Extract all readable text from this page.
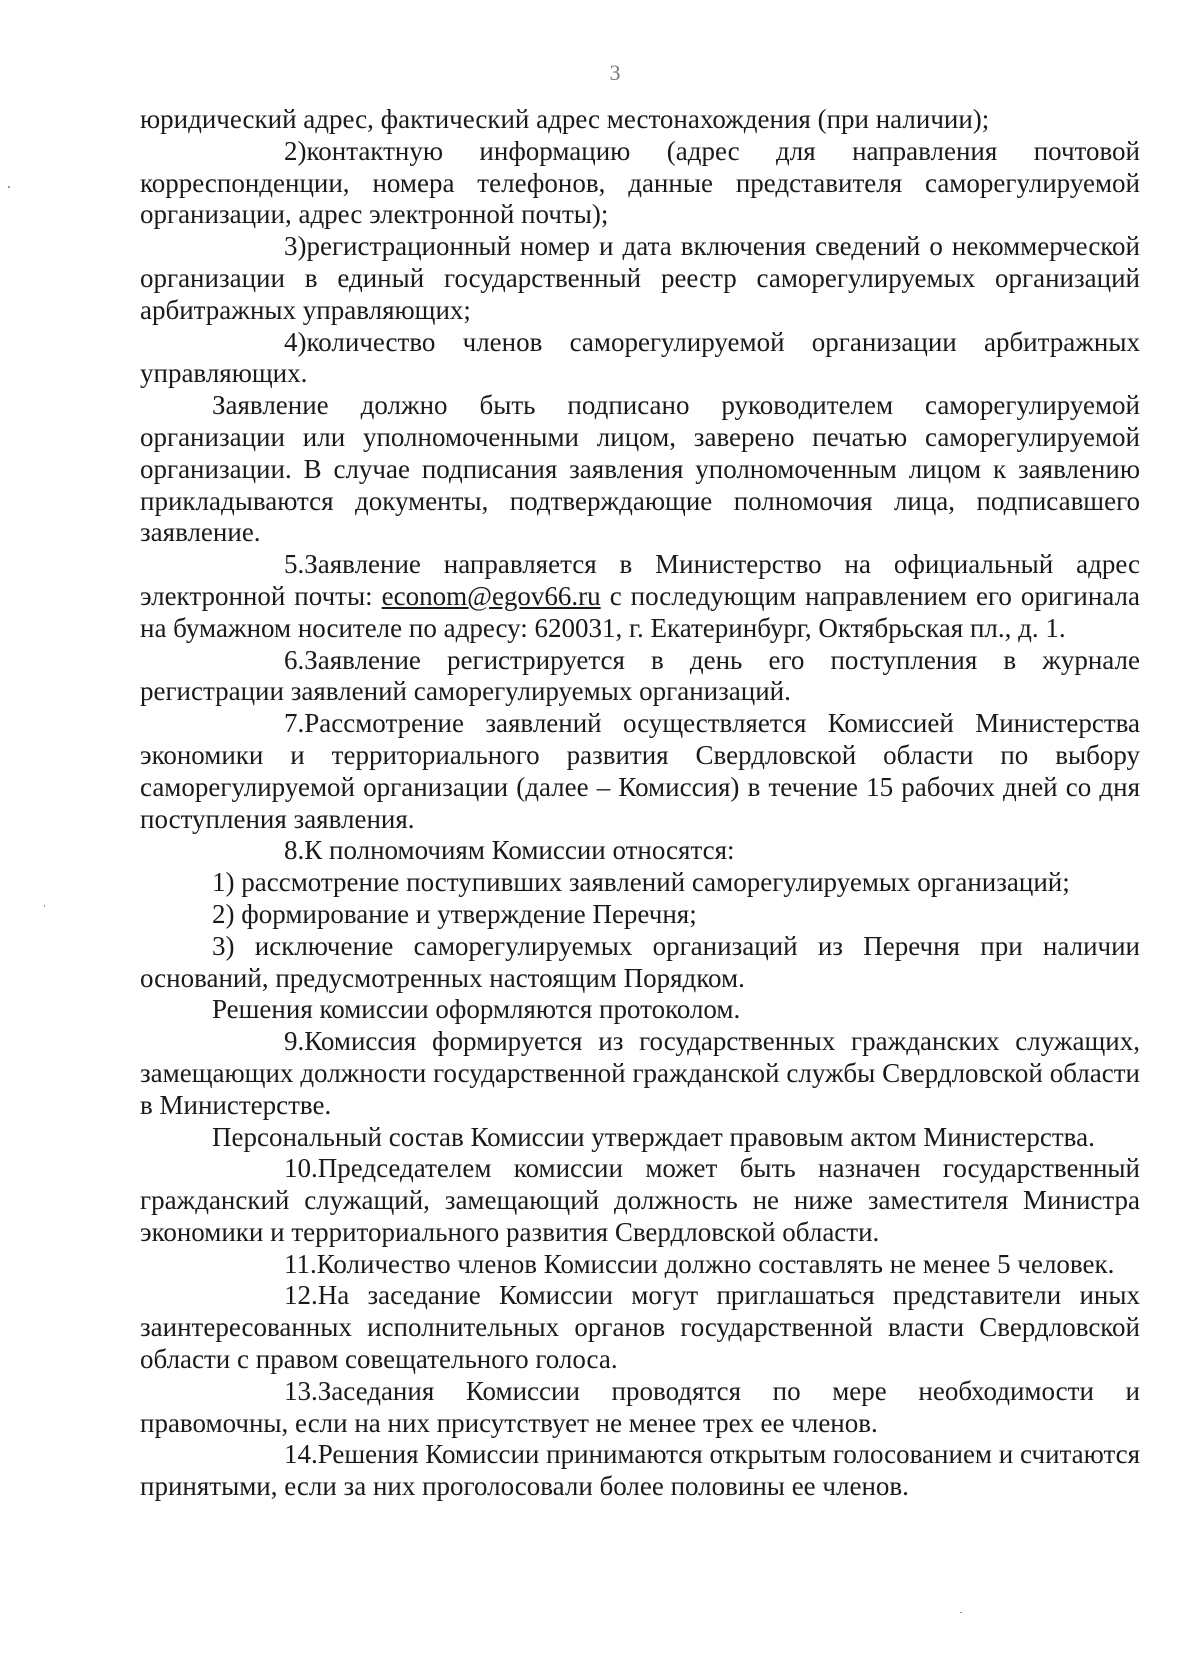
3

юридический адрес, фактический адрес местонахождения (при наличии);

2)контактную информацию (адрес для направления почтовой корреспонденции, номера телефонов, данные представителя саморегулируемой организации, адрес электронной почты);

3)регистрационный номер и дата включения сведений о некоммерческой организации в единый государственный реестр саморегулируемых организаций арбитражных управляющих;

4)количество членов саморегулируемой организации арбитражных управляющих.

Заявление должно быть подписано руководителем саморегулируемой организации или уполномоченными лицом, заверено печатью саморегулируемой организации. В случае подписания заявления уполномоченным лицом к заявлению прикладываются документы, подтверждающие полномочия лица, подписавшего заявление.

5.Заявление направляется в Министерство на официальный адрес электронной почты: econom@egov66.ru с последующим направлением его оригинала на бумажном носителе по адресу: 620031, г. Екатеринбург, Октябрьская пл., д. 1.

6.Заявление регистрируется в день его поступления в журнале регистрации заявлений саморегулируемых организаций.

7.Рассмотрение заявлений осуществляется Комиссией Министерства экономики и территориального развития Свердловской области по выбору саморегулируемой организации (далее – Комиссия) в течение 15 рабочих дней со дня поступления заявления.

8.К полномочиям Комиссии относятся:

1) рассмотрение поступивших заявлений саморегулируемых организаций;

2) формирование и утверждение Перечня;

3) исключение саморегулируемых организаций из Перечня при наличии оснований, предусмотренных настоящим Порядком.

Решения комиссии оформляются протоколом.

9.Комиссия формируется из государственных гражданских служащих, замещающих должности государственной гражданской службы Свердловской области в Министерстве.

Персональный состав Комиссии утверждает правовым актом Министерства.

10.Председателем комиссии может быть назначен государственный гражданский служащий, замещающий должность не ниже заместителя Министра экономики и территориального развития Свердловской области.

11.Количество членов Комиссии должно составлять не менее 5 человек.

12.На заседание Комиссии могут приглашаться представители иных заинтересованных исполнительных органов государственной власти Свердловской области с правом совещательного голоса.

13.Заседания Комиссии проводятся по мере необходимости и правомочны, если на них присутствует не менее трех ее членов.

14.Решения Комиссии принимаются открытым голосованием и считаются принятыми, если за них проголосовали более половины ее членов.
